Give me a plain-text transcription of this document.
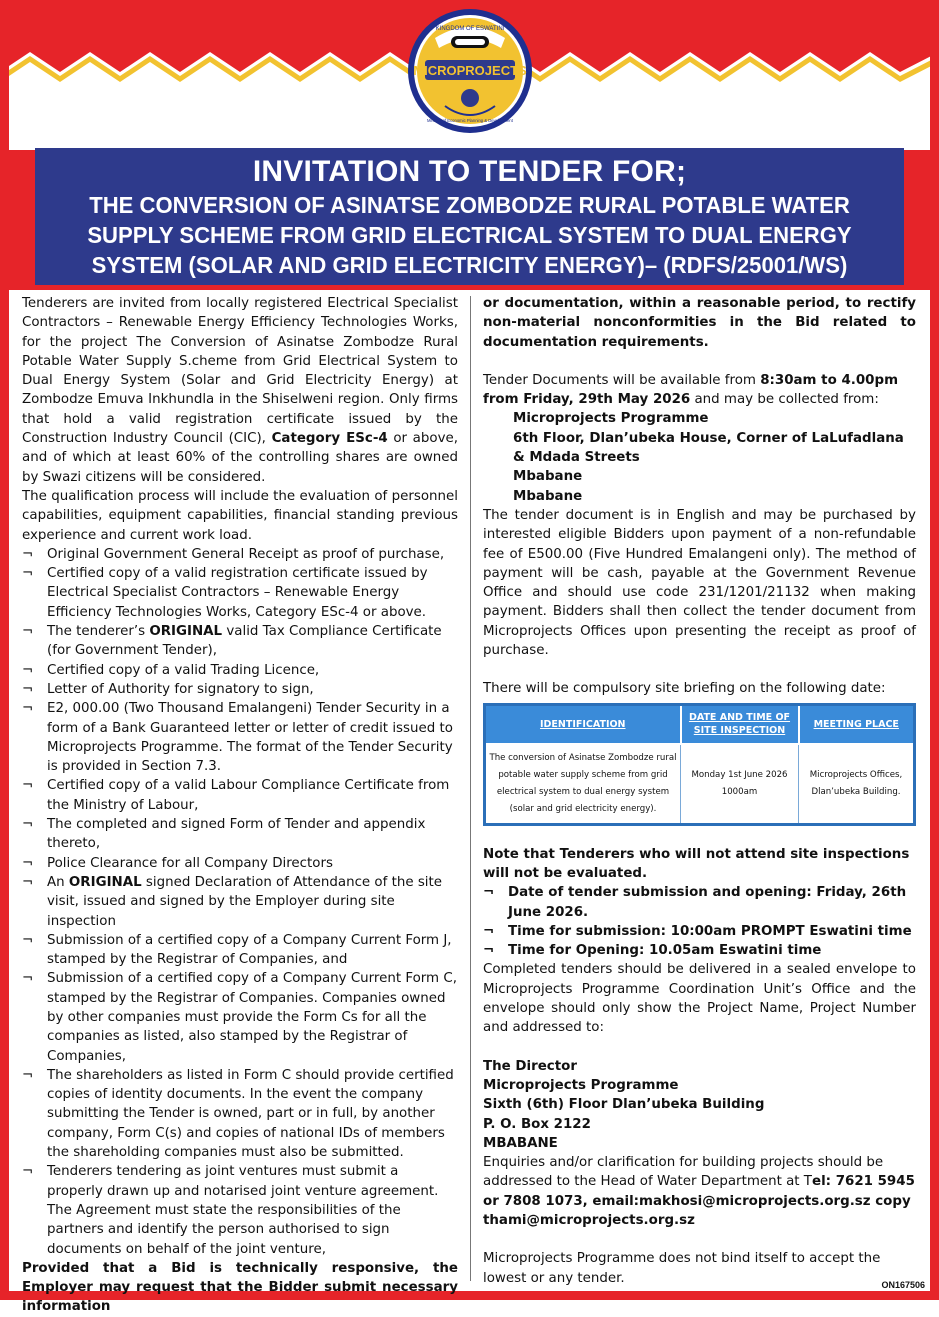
MICROPROJECTS
KINGDOM OF ESWATINI
Ministry of Economic Planning & Development
INVITATION TO TENDER FOR;
THE CONVERSION OF ASINATSE ZOMBODZE RURAL POTABLE WATER SUPPLY SCHEME FROM GRID ELECTRICAL SYSTEM TO DUAL ENERGY SYSTEM (SOLAR AND GRID ELECTRICITY ENERGY)– (RDFS/25001/WS)

Tenderers are invited from locally registered Electrical Specialist Contractors – Renewable Energy Efficiency Technologies Works, for the project The Conversion of Asinatse Zombodze Rural Potable Water Supply S.cheme from Grid Electrical System to Dual Energy System (Solar and Grid Electricity Energy) at Zombodze Emuva Inkhundla in the Shiselweni region. Only firms that hold a valid registration certificate issued by the Construction Industry Council (CIC), Category ESc-4 or above, and of which at least 60% of the controlling shares are owned by Swazi citizens will be considered.

The qualification process will include the evaluation of personnel capabilities, equipment capabilities, financial standing previous experience and current work load.

¬ Original Government General Receipt as proof of purchase,
¬ Certified copy of a valid registration certificate issued by Electrical Specialist Contractors – Renewable Energy Efficiency Technologies Works, Category ESc-4 or above.
¬ The tenderer’s ORIGINAL valid Tax Compliance Certificate (for Government Tender),
¬ Certified copy of a valid Trading Licence,
¬ Letter of Authority for signatory to sign,
¬ E2, 000.00 (Two Thousand Emalangeni) Tender Security in a form of a Bank Guaranteed letter or letter of credit issued to Microprojects Programme. The format of the Tender Security is provided in Section 7.3.
¬ Certified copy of a valid Labour Compliance Certificate from the Ministry of Labour,
¬ The completed and signed Form of Tender and appendix thereto,
¬ Police Clearance for all Company Directors
¬ An ORIGINAL signed Declaration of Attendance of the site visit, issued and signed by the Employer during site inspection
¬ Submission of a certified copy of a Company Current Form J, stamped by the Registrar of Companies, and
¬ Submission of a certified copy of a Company Current Form C, stamped by the Registrar of Companies. Companies owned by other companies must provide the Form Cs for all the companies as listed, also stamped by the Registrar of Companies,
¬ The shareholders as listed in Form C should provide certified copies of identity documents. In the event the company submitting the Tender is owned, part or in full, by another company, Form C(s) and copies of national IDs of members the shareholding companies must also be submitted.
¬ Tenderers tendering as joint ventures must submit a properly drawn up and notarised joint venture agreement. The Agreement must state the responsibilities of the partners and identify the person authorised to sign documents on behalf of the joint venture,

Provided that a Bid is technically responsive, the Employer may request that the Bidder submit necessary information

or documentation, within a reasonable period, to rectify non-material nonconformities in the Bid related to documentation requirements.

Tender Documents will be available from 8:30am to 4.00pm from Friday, 29th May 2026 and may be collected from:

Microprojects Programme
6th Floor, Dlan’ubeka House, Corner of LaLufadlana & Mdada Streets
Mbabane
Mbabane

The tender document is in English and may be purchased by interested eligible Bidders upon payment of a non-refundable fee of E500.00 (Five Hundred Emalangeni only). The method of payment will be cash, payable at the Government Revenue Office and should use code 231/1201/21132 when making payment. Bidders shall then collect the tender document from Microprojects Offices upon presenting the receipt as proof of purchase.

There will be compulsory site briefing on the following date:

IDENTIFICATION	DATE AND TIME OF SITE INSPECTION	MEETING PLACE
The conversion of Asinatse Zombodze rural potable water supply scheme from grid electrical system to dual energy system (solar and grid electricity energy).	Monday 1st June 2026 1000am	Microprojects Offices, Dlan’ubeka Building.

Note that Tenderers who will not attend site inspections will not be evaluated.

¬ Date of tender submission and opening: Friday, 26th June 2026.
¬ Time for submission: 10:00am PROMPT Eswatini time
¬ Time for Opening: 10.05am Eswatini time

Completed tenders should be delivered in a sealed envelope to Microprojects Programme Coordination Unit’s Office and the envelope should only show the Project Name, Project Number and addressed to:

The Director
Microprojects Programme
Sixth (6th) Floor Dlan’ubeka Building
P. O. Box 2122
MBABANE

Enquiries and/or clarification for building projects should be addressed to the Head of Water Department at Tel: 7621 5945 or 7808 1073, email:makhosi@microprojects.org.sz copy thami@microprojects.org.sz

Microprojects Programme does not bind itself to accept the lowest or any tender.	ON167506
